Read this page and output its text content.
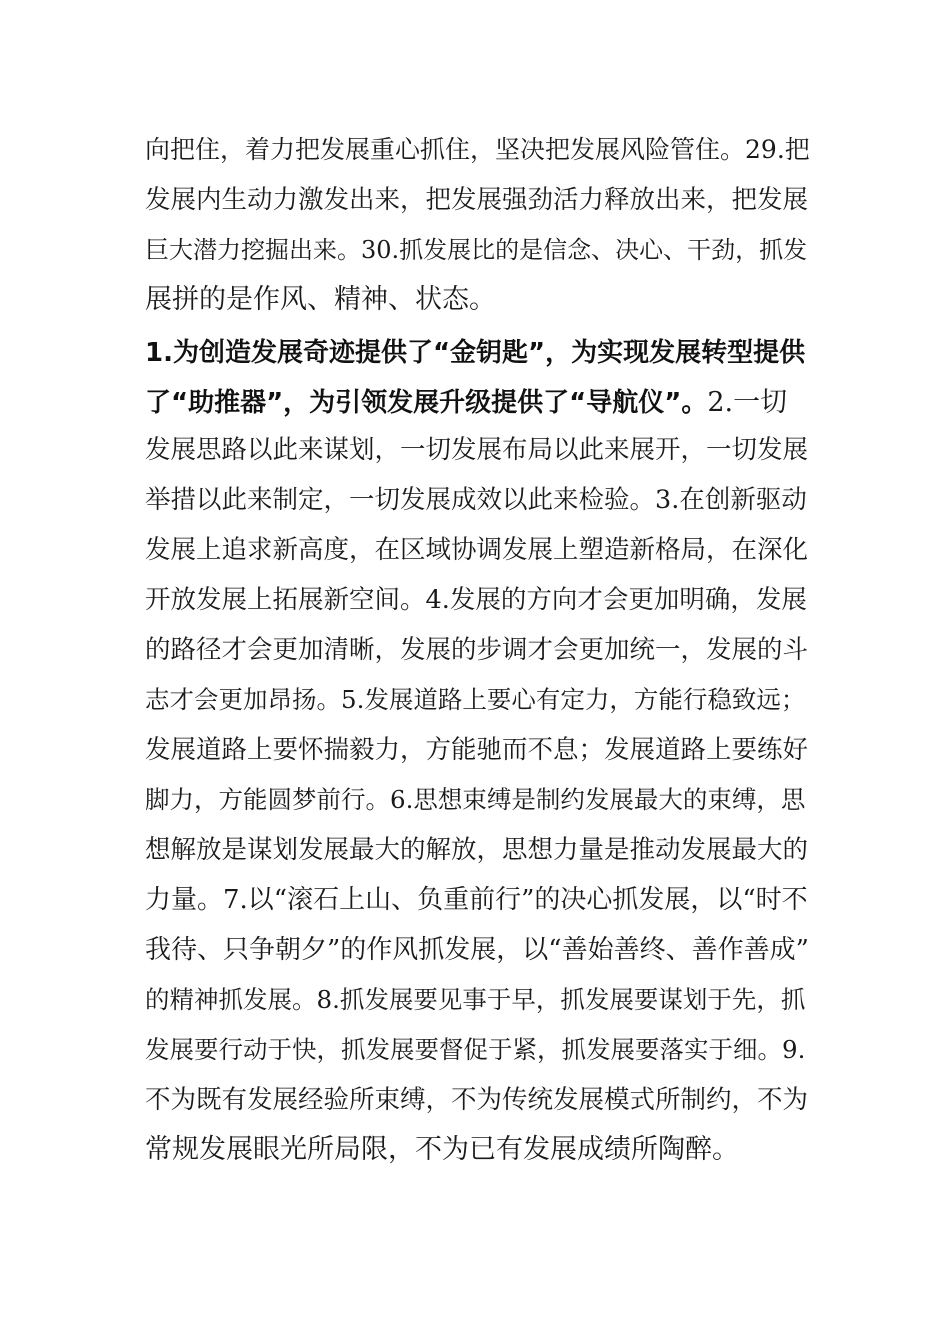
向把住，着力把发展重心抓住，坚决把发展风险管住。29.把
发展内生动力激发出来，把发展强劲活力释放出来，把发展
巨大潜力挖掘出来。30.抓发展比的是信念、决心、干劲，抓发
展拼的是作风、精神、状态。
1.为创造发展奇迹提供了“金钥匙”，为实现发展转型提供
了“助推器”，为引领发展升级提供了“导航仪”。2.一切
发展思路以此来谋划，一切发展布局以此来展开，一切发展
举措以此来制定，一切发展成效以此来检验。3.在创新驱动
发展上追求新高度，在区域协调发展上塑造新格局，在深化
开放发展上拓展新空间。4.发展的方向才会更加明确，发展
的路径才会更加清晰，发展的步调才会更加统一，发展的斗
志才会更加昂扬。5.发展道路上要心有定力，方能行稳致远；
发展道路上要怀揣毅力，方能驰而不息；发展道路上要练好
脚力，方能圆梦前行。6.思想束缚是制约发展最大的束缚，思
想解放是谋划发展最大的解放，思想力量是推动发展最大的
力量。7.以“滚石上山、负重前行”的决心抓发展，以“时不
我待、只争朝夕”的作风抓发展，以“善始善终、善作善成”
的精神抓发展。8.抓发展要见事于早，抓发展要谋划于先，抓
发展要行动于快，抓发展要督促于紧，抓发展要落实于细。9.
不为既有发展经验所束缚，不为传统发展模式所制约，不为
常规发展眼光所局限，不为已有发展成绩所陶醉。
